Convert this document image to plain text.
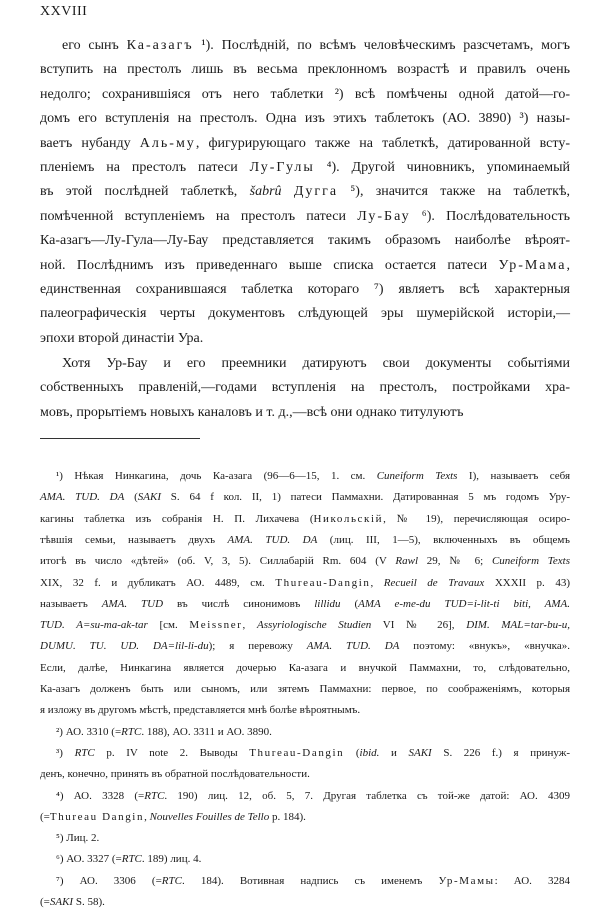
XXVIII
его сынъ Ка-азагъ ¹). Послѣдній, по всѣмъ человѣческимъ разсчетамъ, могъ
вступить на престолъ лишь въ весьма преклонномъ возрастѣ и правилъ очень
недолго; сохранившіяся отъ него таблетки ²) всѣ помѣчены одной датой—го-
домъ его вступленія на престолъ. Одна изъ этихъ таблетокъ (АО. 3890) ³) назы-
ваетъ нубанду Аль-му, фигурирующаго также на таблеткѣ, датированной всту-
пленіемъ на престолъ патеси Лу-Гулы ⁴). Другой чиновникъ, упоминаемый
въ этой послѣдней таблеткѣ, šabrû Дугга ⁵), значится также на таблеткѣ,
помѣченной вступленіемъ на престолъ патеси Лу-Бау ⁶). Послѣдовательность
Ка-азагъ—Лу-Гула—Лу-Бау представляется такимъ образомъ наиболѣе вѣроят-
ной. Послѣднимъ изъ приведеннаго выше списка остается патеси Ур-Мама,
единственная сохранившаяся таблетка котораго ⁷) являетъ всѣ характерныя
палеографическія черты документовъ слѣдующей эры шумерійской исторіи,—
эпохи второй династіи Ура.
Хотя Ур-Бау и его преемники датируютъ свои документы событіями
собственныхъ правленій,—годами вступленія на престолъ, постройками хра-
мовъ, прорытіемъ новыхъ каналовъ и т. д.,—всѣ они однако титулуютъ
¹) Нѣкая Нинкагина, дочь Ка-азага (96—6—15, 1. см. Cuneiform Texts I), называетъ себя
AMA. TUD. DA (SAKI S. 64 f кол. II, 1) патеси Паммахни. Датированная 5 мъ годомъ Уру-
кагины таблетка изъ собранія Н. П. Лихачева (Никольскій, № 19), перечисляющая осиро-
тѣвшія семьи, называетъ двухъ AMA. TUD. DA (лиц. III, 1—5), включенныхъ въ общемъ
итогѣ въ число «дѣтей» (об. V, 3, 5). Силлабарій Rm. 604 (V Rawl 29, № 6; Cuneiform Texts
XIX, 32 f. и дубликатъ АО. 4489, см. Thureau-Dangin, Recueil de Travaux XXXII p. 43)
называетъ AMA. TUD въ числѣ синонимовъ lillidu (AMA e-me-du TUD=i-lit-ti biti, AMA.
TUD. A=su-ma-ak-tar [см. Meissner, Assyriologische Studien VI № 26], DIM. MAL=tar-bu-u,
DUMU. TU. UD. DA=lil-li-du); я перевожу AMA. TUD. DA поэтому: «внукъ», «внучка».
Если, далѣе, Нинкагина является дочерью Ка-азага и внучкой Паммахни, то, слѣдовательно,
Ка-азагъ долженъ быть или сыномъ, или зятемъ Паммахни: первое, по соображеніямъ, которыя
я изложу въ другомъ мѣстѣ, представляется мнѣ болѣе вѣроятнымъ.
²) АО. 3310 (=RTC. 188), АО. 3311 и АО. 3890.
³) RTC p. IV note 2. Выводы Thureau-Dangin (ibid. и SAKI S. 226 f.) я принуж-
денъ, конечно, принять въ обратной послѣдовательности.
⁴) АО. 3328 (=RTC. 190) лиц. 12, об. 5, 7. Другая таблетка съ той-же датой: АО. 4309
(=Thureau Dangin, Nouvelles Fouilles de Tello p. 184).
⁵) Лиц. 2.
⁶) АО. 3327 (=RTC. 189) лиц. 4.
⁷) АО. 3306 (=RTC. 184). Вотивная надпись съ именемъ Ур-Мамы: АО. 3284
(=SAKI S. 58).
